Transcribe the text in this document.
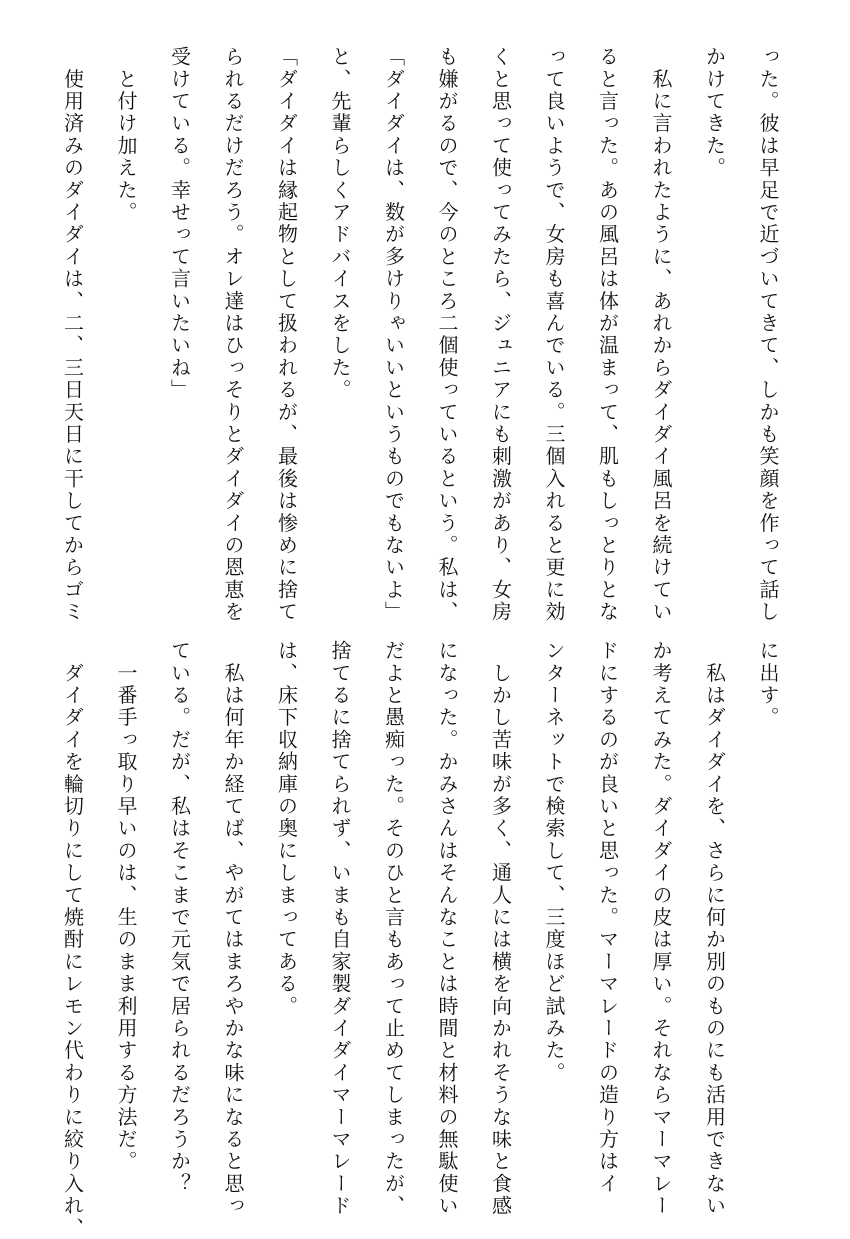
った。彼は早足で近づいてきて、しかも笑顔を作って話し
かけてきた。
　私に言われたように、あれからダイダイ風呂を続けてい
ると言った。あの風呂は体が温まって、肌もしっとりとな
って良いようで、女房も喜んでいる。三個入れると更に効
くと思って使ってみたら、ジュニアにも刺激があり、女房
も嫌がるので、今のところ二個使っているという。私は、
「ダイダイは、数が多けりゃいいというものでもないよ」
と、先輩らしくアドバイスをした。
「ダイダイは縁起物として扱われるが、最後は惨めに捨て
られるだけだろう。オレ達はひっそりとダイダイの恩恵を
受けている。幸せって言いたいね」
　と付け加えた。
　使用済みのダイダイは、二、三日天日に干してからゴミ
に出す。
　私はダイダイを、さらに何か別のものにも活用できない
か考えてみた。ダイダイの皮は厚い。それならマーマレー
ドにするのが良いと思った。マーマレードの造り方はイ
ンターネットで検索して、三度ほど試みた。
　しかし苦味が多く、通人には横を向かれそうな味と食感
になった。かみさんはそんなことは時間と材料の無駄使い
だよと愚痴った。そのひと言もあって止めてしまったが、
捨てるに捨てられず、いまも自家製ダイダイマーマレード
は、床下収納庫の奥にしまってある。
　私は何年か経てば、やがてはまろやかな味になると思っ
ている。だが、私はそこまで元気で居られるだろうか？
　一番手っ取り早いのは、生のまま利用する方法だ。
　ダイダイを輪切りにして焼酎にレモン代わりに絞り入れ、
